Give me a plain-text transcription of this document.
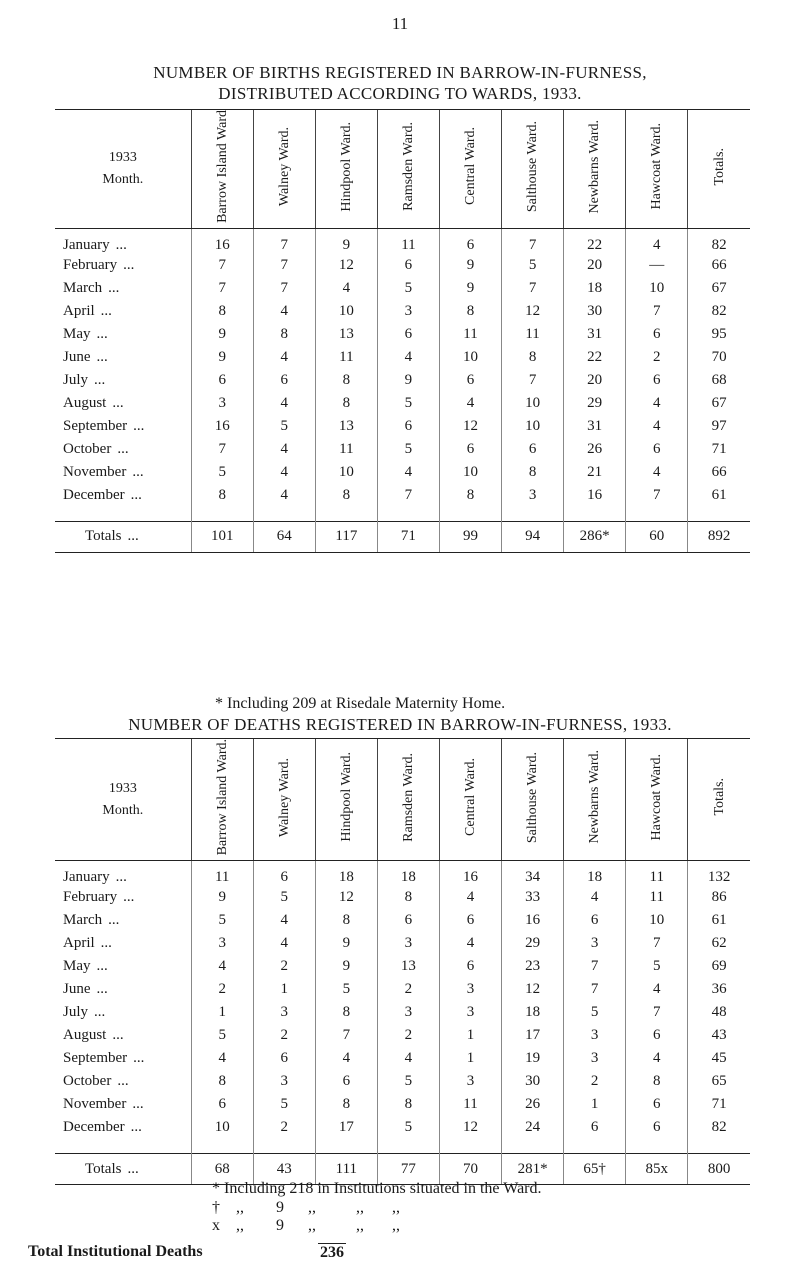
11
NUMBER OF BIRTHS REGISTERED IN BARROW-IN-FURNESS,
DISTRIBUTED ACCORDING TO WARDS, 1933.
1933
Month.	Barrow Island Ward	Walney Ward.	Hindpool Ward.	Ramsden Ward.	Central Ward.	Salthouse Ward.	Newbarns Ward.	Hawcoat Ward.	Totals.
January ...	16	7	9	11	6	7	22	4	82
February ...	7	7	12	6	9	5	20	—	66
March ...	7	7	4	5	9	7	18	10	67
April ...	8	4	10	3	8	12	30	7	82
May ...	9	8	13	6	11	11	31	6	95
June ...	9	4	11	4	10	8	22	2	70
July ...	6	6	8	9	6	7	20	6	68
August ...	3	4	8	5	4	10	29	4	67
September ...	16	5	13	6	12	10	31	4	97
October ...	7	4	11	5	6	6	26	6	71
November ...	5	4	10	4	10	8	21	4	66
December ...	8	4	8	7	8	3	16	7	61

Totals ...	101	64	117	71	99	94	286*	60	892
* Including 209 at Risedale Maternity Home.
NUMBER OF DEATHS REGISTERED IN BARROW-IN-FURNESS, 1933.
1933
Month.	Barrow Island Ward.	Walney Ward.	Hindpool Ward.	Ramsden Ward.	Central Ward.	Salthouse Ward.	Newbarns Ward.	Hawcoat Ward.	Totals.
January ...	11	6	18	18	16	34	18	11	132
February ...	9	5	12	8	4	33	4	11	86
March ...	5	4	8	6	6	16	6	10	61
April ...	3	4	9	3	4	29	3	7	62
May ...	4	2	9	13	6	23	7	5	69
June ...	2	1	5	2	3	12	7	4	36
July ...	1	3	8	3	3	18	5	7	48
August ...	5	2	7	2	1	17	3	6	43
September ...	4	6	4	4	1	19	3	4	45
October ...	8	3	6	5	3	30	2	8	65
November ...	6	5	8	8	11	26	1	6	71
December ...	10	2	17	5	12	24	6	6	82

Totals ...	68	43	111	77	70	281*	65†	85x	800
* Including 218 in Institutions situated in the Ward.
†    ,,        9      ,,          ,,       ,,
x    ,,        9      ,,          ,,       ,,
Total Institutional Deaths	236
